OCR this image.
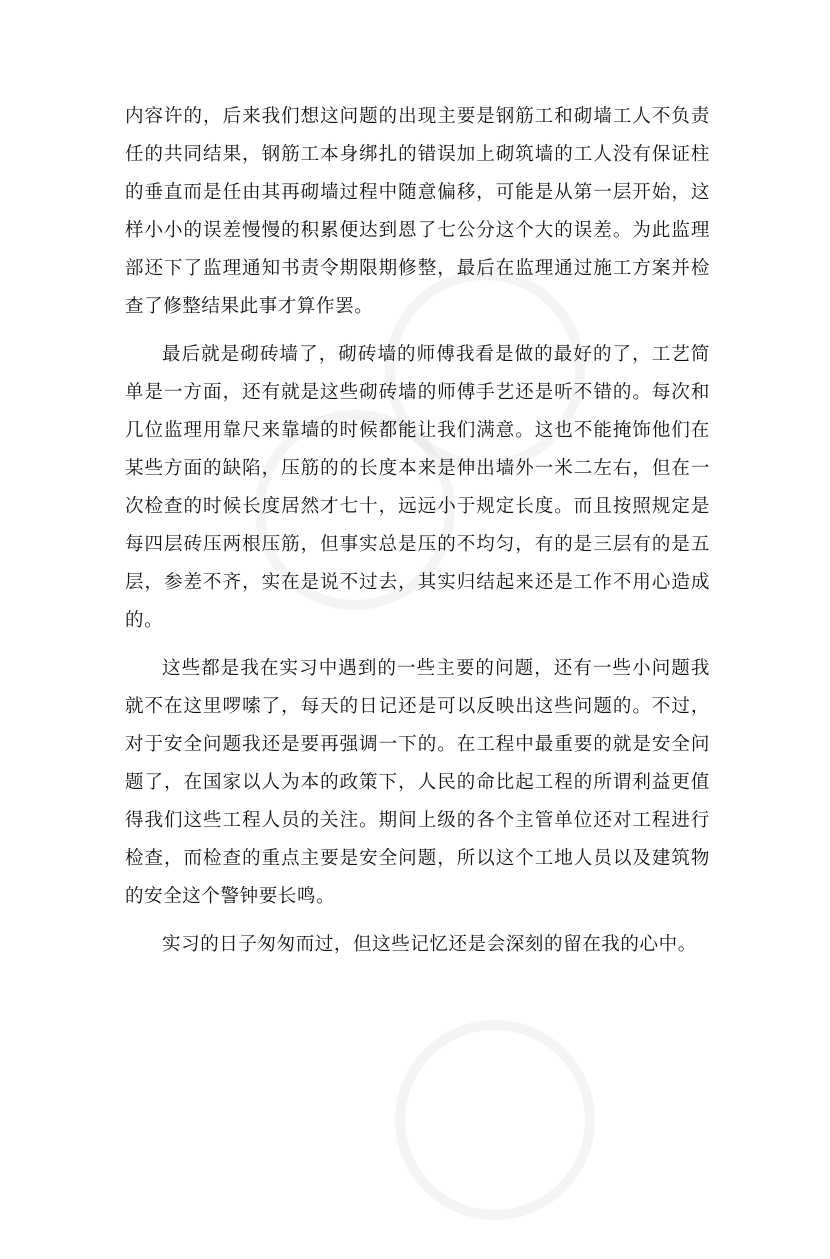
内容许的，后来我们想这问题的出现主要是钢筋工和砌墙工人不负责任的共同结果，钢筋工本身绑扎的错误加上砌筑墙的工人没有保证柱的垂直而是任由其再砌墙过程中随意偏移，可能是从第一层开始，这样小小的误差慢慢的积累便达到恩了七公分这个大的误差。为此监理部还下了监理通知书责令期限期修整，最后在监理通过施工方案并检查了修整结果此事才算作罢。

最后就是砌砖墙了，砌砖墙的师傅我看是做的最好的了，工艺简单是一方面，还有就是这些砌砖墙的师傅手艺还是听不错的。每次和几位监理用靠尺来靠墙的时候都能让我们满意。这也不能掩饰他们在某些方面的缺陷，压筋的的长度本来是伸出墙外一米二左右，但在一次检查的时候长度居然才七十，远远小于规定长度。而且按照规定是每四层砖压两根压筋，但事实总是压的不均匀，有的是三层有的是五层，参差不齐，实在是说不过去，其实归结起来还是工作不用心造成的。

这些都是我在实习中遇到的一些主要的问题，还有一些小问题我就不在这里啰嗦了，每天的日记还是可以反映出这些问题的。不过，对于安全问题我还是要再强调一下的。在工程中最重要的就是安全问题了，在国家以人为本的政策下，人民的命比起工程的所谓利益更值得我们这些工程人员的关注。期间上级的各个主管单位还对工程进行检查，而检查的重点主要是安全问题，所以这个工地人员以及建筑物的安全这个警钟要长鸣。

实习的日子匆匆而过，但这些记忆还是会深刻的留在我的心中。
